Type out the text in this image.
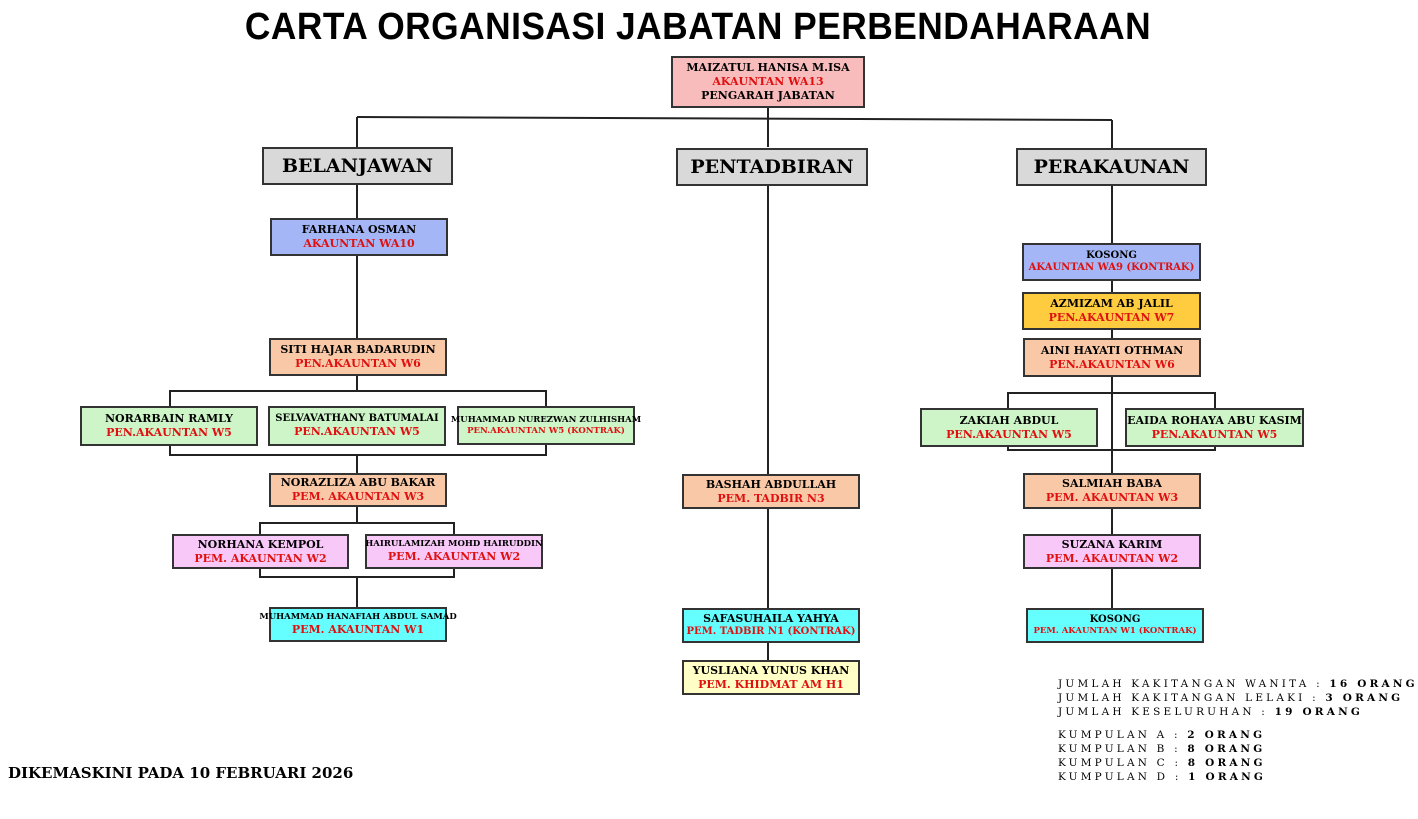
CARTA ORGANISASI JABATAN PERBENDAHARAAN
MAIZATUL HANISA M.ISA
AKAUNTAN WA13
PENGARAH JABATAN
BELANJAWAN	PENTADBIRAN	PERAKAUNAN
FARHANA OSMAN
AKAUNTAN WA10
SITI HAJAR BADARUDIN
PEN.AKAUNTAN W6
NORARBAIN RAMLY
PEN.AKAUNTAN W5
SELVAVATHANY BATUMALAI
PEN.AKAUNTAN W5
MUHAMMAD NUREZWAN ZULHISHAM
PEN.AKAUNTAN W5 (KONTRAK)
NORAZLIZA ABU BAKAR
PEM. AKAUNTAN W3
NORHANA KEMPOL
PEM. AKAUNTAN W2
HAIRULAMIZAH MOHD HAIRUDDIN
PEM. AKAUNTAN W2
MUHAMMAD HANAFIAH ABDUL SAMAD
PEM. AKAUNTAN W1
BASHAH ABDULLAH
PEM. TADBIR N3
SAFASUHAILA YAHYA
PEM. TADBIR N1 (KONTRAK)
YUSLIANA YUNUS KHAN
PEM. KHIDMAT AM H1
KOSONG
AKAUNTAN WA9 (KONTRAK)
AZMIZAM AB JALIL
PEN.AKAUNTAN W7
AINI HAYATI OTHMAN
PEN.AKAUNTAN W6
ZAKIAH ABDUL
PEN.AKAUNTAN W5
EAIDA ROHAYA ABU KASIM
PEN.AKAUNTAN W5
SALMIAH BABA
PEM. AKAUNTAN W3
SUZANA KARIM
PEM. AKAUNTAN W2
KOSONG
PEM. AKAUNTAN W1 (KONTRAK)
JUMLAH KAKITANGAN WANITA : 16 ORANG
JUMLAH KAKITANGAN LELAKI : 3 ORANG
JUMLAH KESELURUHAN : 19 ORANG
KUMPULAN A : 2 ORANG
KUMPULAN B : 8 ORANG
KUMPULAN C : 8 ORANG
KUMPULAN D : 1 ORANG
DIKEMASKINI PADA 10 FEBRUARI 2026
